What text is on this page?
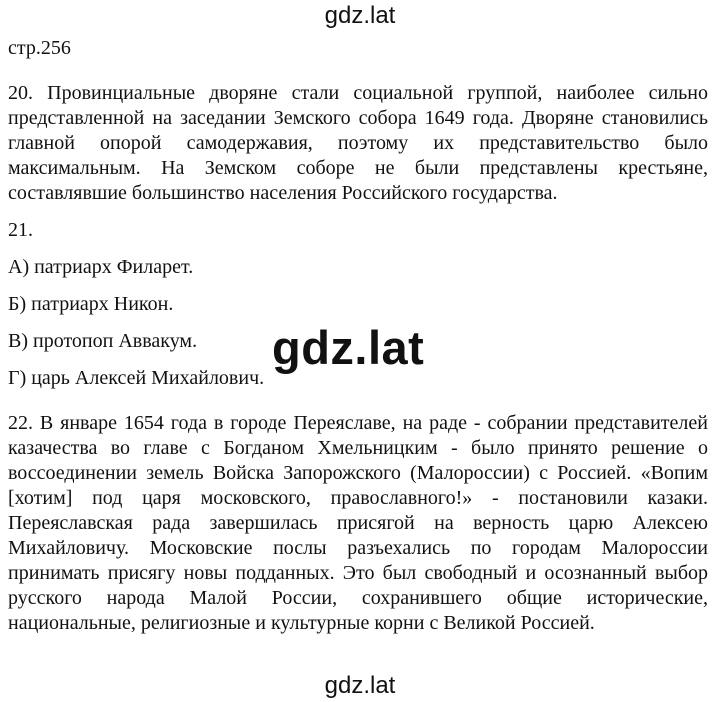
gdz.lat

стр.256

20. Провинциальные дворяне стали социальной группой, наиболее сильно представленной на заседании Земского собора 1649 года. Дворяне становились главной опорой самодержавия, поэтому их представительство было максимальным. На Земском соборе не были представлены крестьяне, составлявшие большинство населения Российского государства.

21.

А) патриарх Филарет.

Б) патриарх Никон.

В) протопоп Аввакум.

Г) царь Алексей Михайлович.

22. В январе 1654 года в городе Переяславе, на раде - собрании представителей казачества во главе с Богданом Хмельницким - было принято решение о воссоединении земель Войска Запорожского (Малороссии) с Россией. «Вопим [хотим] под царя московского, православного!» - постановили казаки. Переяславская рада завершилась присягой на верность царю Алексею Михайловичу. Московские послы разъехались по городам Малороссии принимать присягу новы подданных. Это был свободный и осознанный выбор русского народа Малой России, сохранившего общие исторические, национальные, религиозные и культурные корни с Великой Россией.

gdz.lat
gdz.lat
